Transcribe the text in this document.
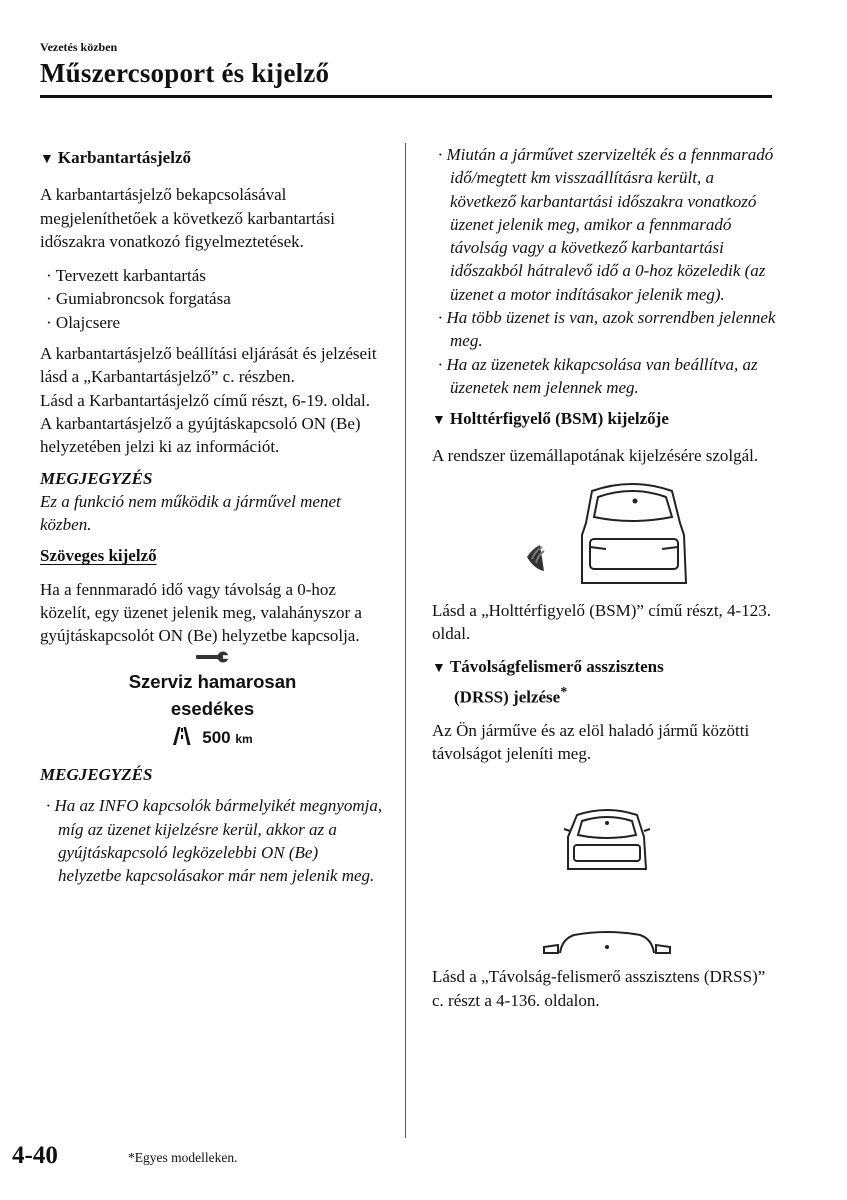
Vezetés közben
Műszercsoport és kijelző

▼ Karbantartásjelző

A karbantartásjelző bekapcsolásával megjeleníthetőek a következő karbantartási időszakra vonatkozó figyelmeztetések.

· Tervezett karbantartás

· Gumiabroncsok forgatása

· Olajcsere

A karbantartásjelző beállítási eljárását és jelzéseit lásd a „Karbantartásjelző” c. részben.

Lásd a Karbantartásjelző című részt, 6-19. oldal.

A karbantartásjelző a gyújtáskapcsoló ON (Be) helyzetében jelzi ki az információt.

MEGJEGYZÉS

Ez a funkció nem működik a járművel menet közben.

Szöveges kijelző

Ha a fennmaradó idő vagy távolság a 0-hoz közelít, egy üzenet jelenik meg, valahányszor a gyújtáskapcsolót ON (Be) helyzetbe kapcsolja.

Szerviz hamarosan
esedékes
500 km

MEGJEGYZÉS

· Ha az INFO kapcsolók bármelyikét megnyomja, míg az üzenet kijelzésre kerül, akkor az a gyújtáskapcsoló legközelebbi ON (Be) helyzetbe kapcsolásakor már nem jelenik meg.

· Miután a járművet szervizelték és a fennmaradó idő/megtett km visszaállításra került, a következő karbantartási időszakra vonatkozó üzenet jelenik meg, amikor a fennmaradó távolság vagy a következő karbantartási időszakból hátralevő idő a 0-hoz közeledik (az üzenet a motor indításakor jelenik meg).

· Ha több üzenet is van, azok sorrendben jelennek meg.

· Ha az üzenetek kikapcsolása van beállítva, az üzenetek nem jelennek meg.

▼ Holttérfigyelő (BSM) kijelzője

A rendszer üzemállapotának kijelzésére szolgál.

Lásd a „Holttérfigyelő (BSM)” című részt, 4-123. oldal.

▼ Távolságfelismerő asszisztens

(DRSS) jelzése*

Az Ön járműve és az elöl haladó jármű közötti távolságot jeleníti meg.

Lásd a „Távolság-felismerő asszisztens (DRSS)” c. részt a 4-136. oldalon.

4-40	*Egyes modelleken.
